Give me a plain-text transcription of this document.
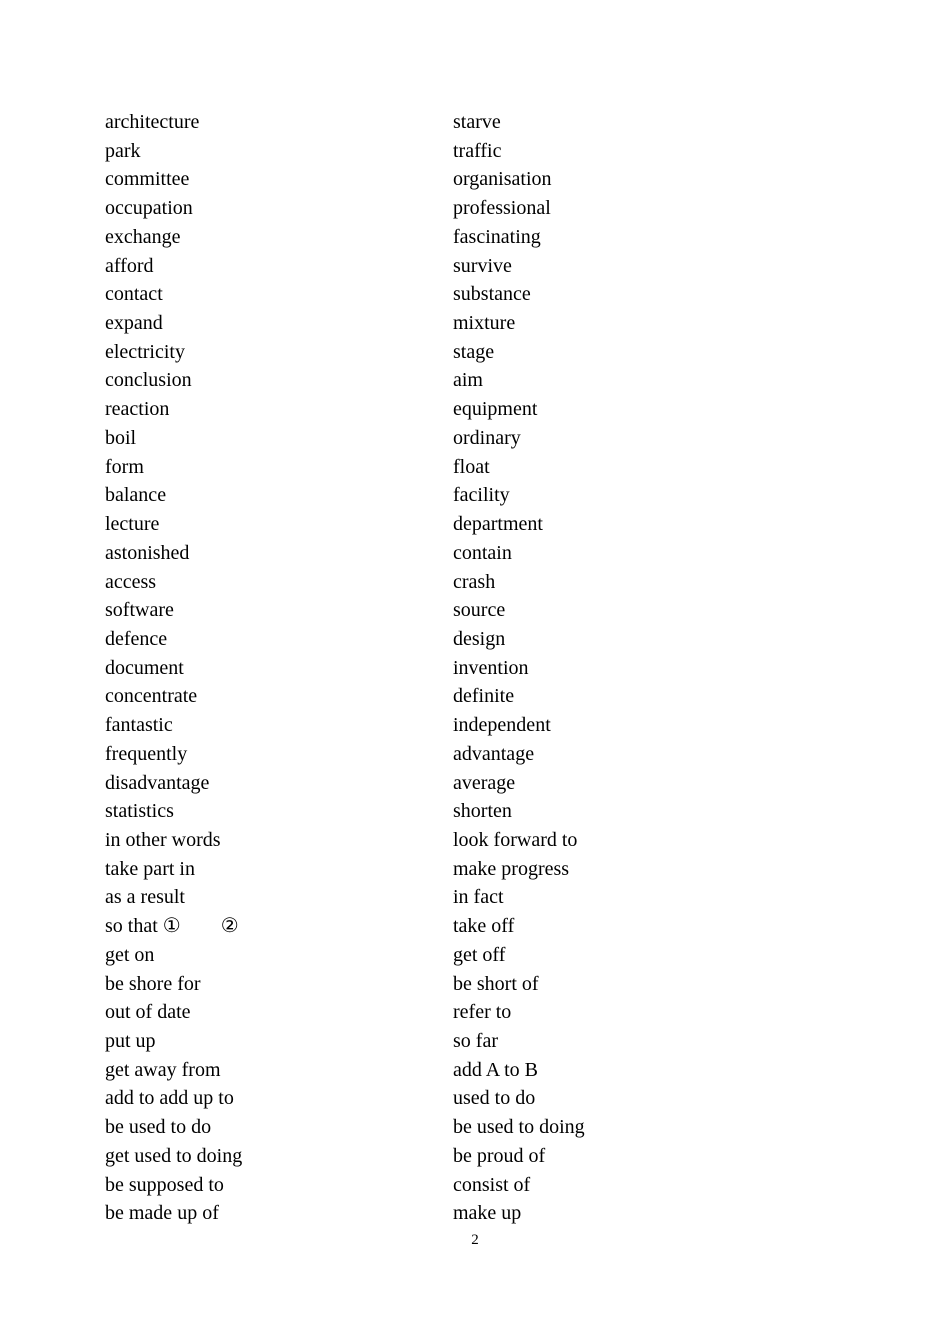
architecture
park
committee
occupation
exchange
afford
contact
expand
electricity
conclusion
reaction
boil
form
balance
lecture
astonished
access
software
defence
document
concentrate
fantastic
frequently
disadvantage
statistics
in other words
take part in
as a result
so that ①  ②
get on
be shore for
out of date
put up
get away from
add to add up to
be used to do
get used to doing
be supposed to
be made up of
starve
traffic
organisation
professional
fascinating
survive
substance
mixture
stage
aim
equipment
ordinary
float
facility
department
contain
crash
source
design
invention
definite
independent
advantage
average
shorten
look forward to
make progress
in fact
take off
get off
be short of
refer to
so far
add A to B
used to do
be used to doing
be proud of
consist of
make up
2
